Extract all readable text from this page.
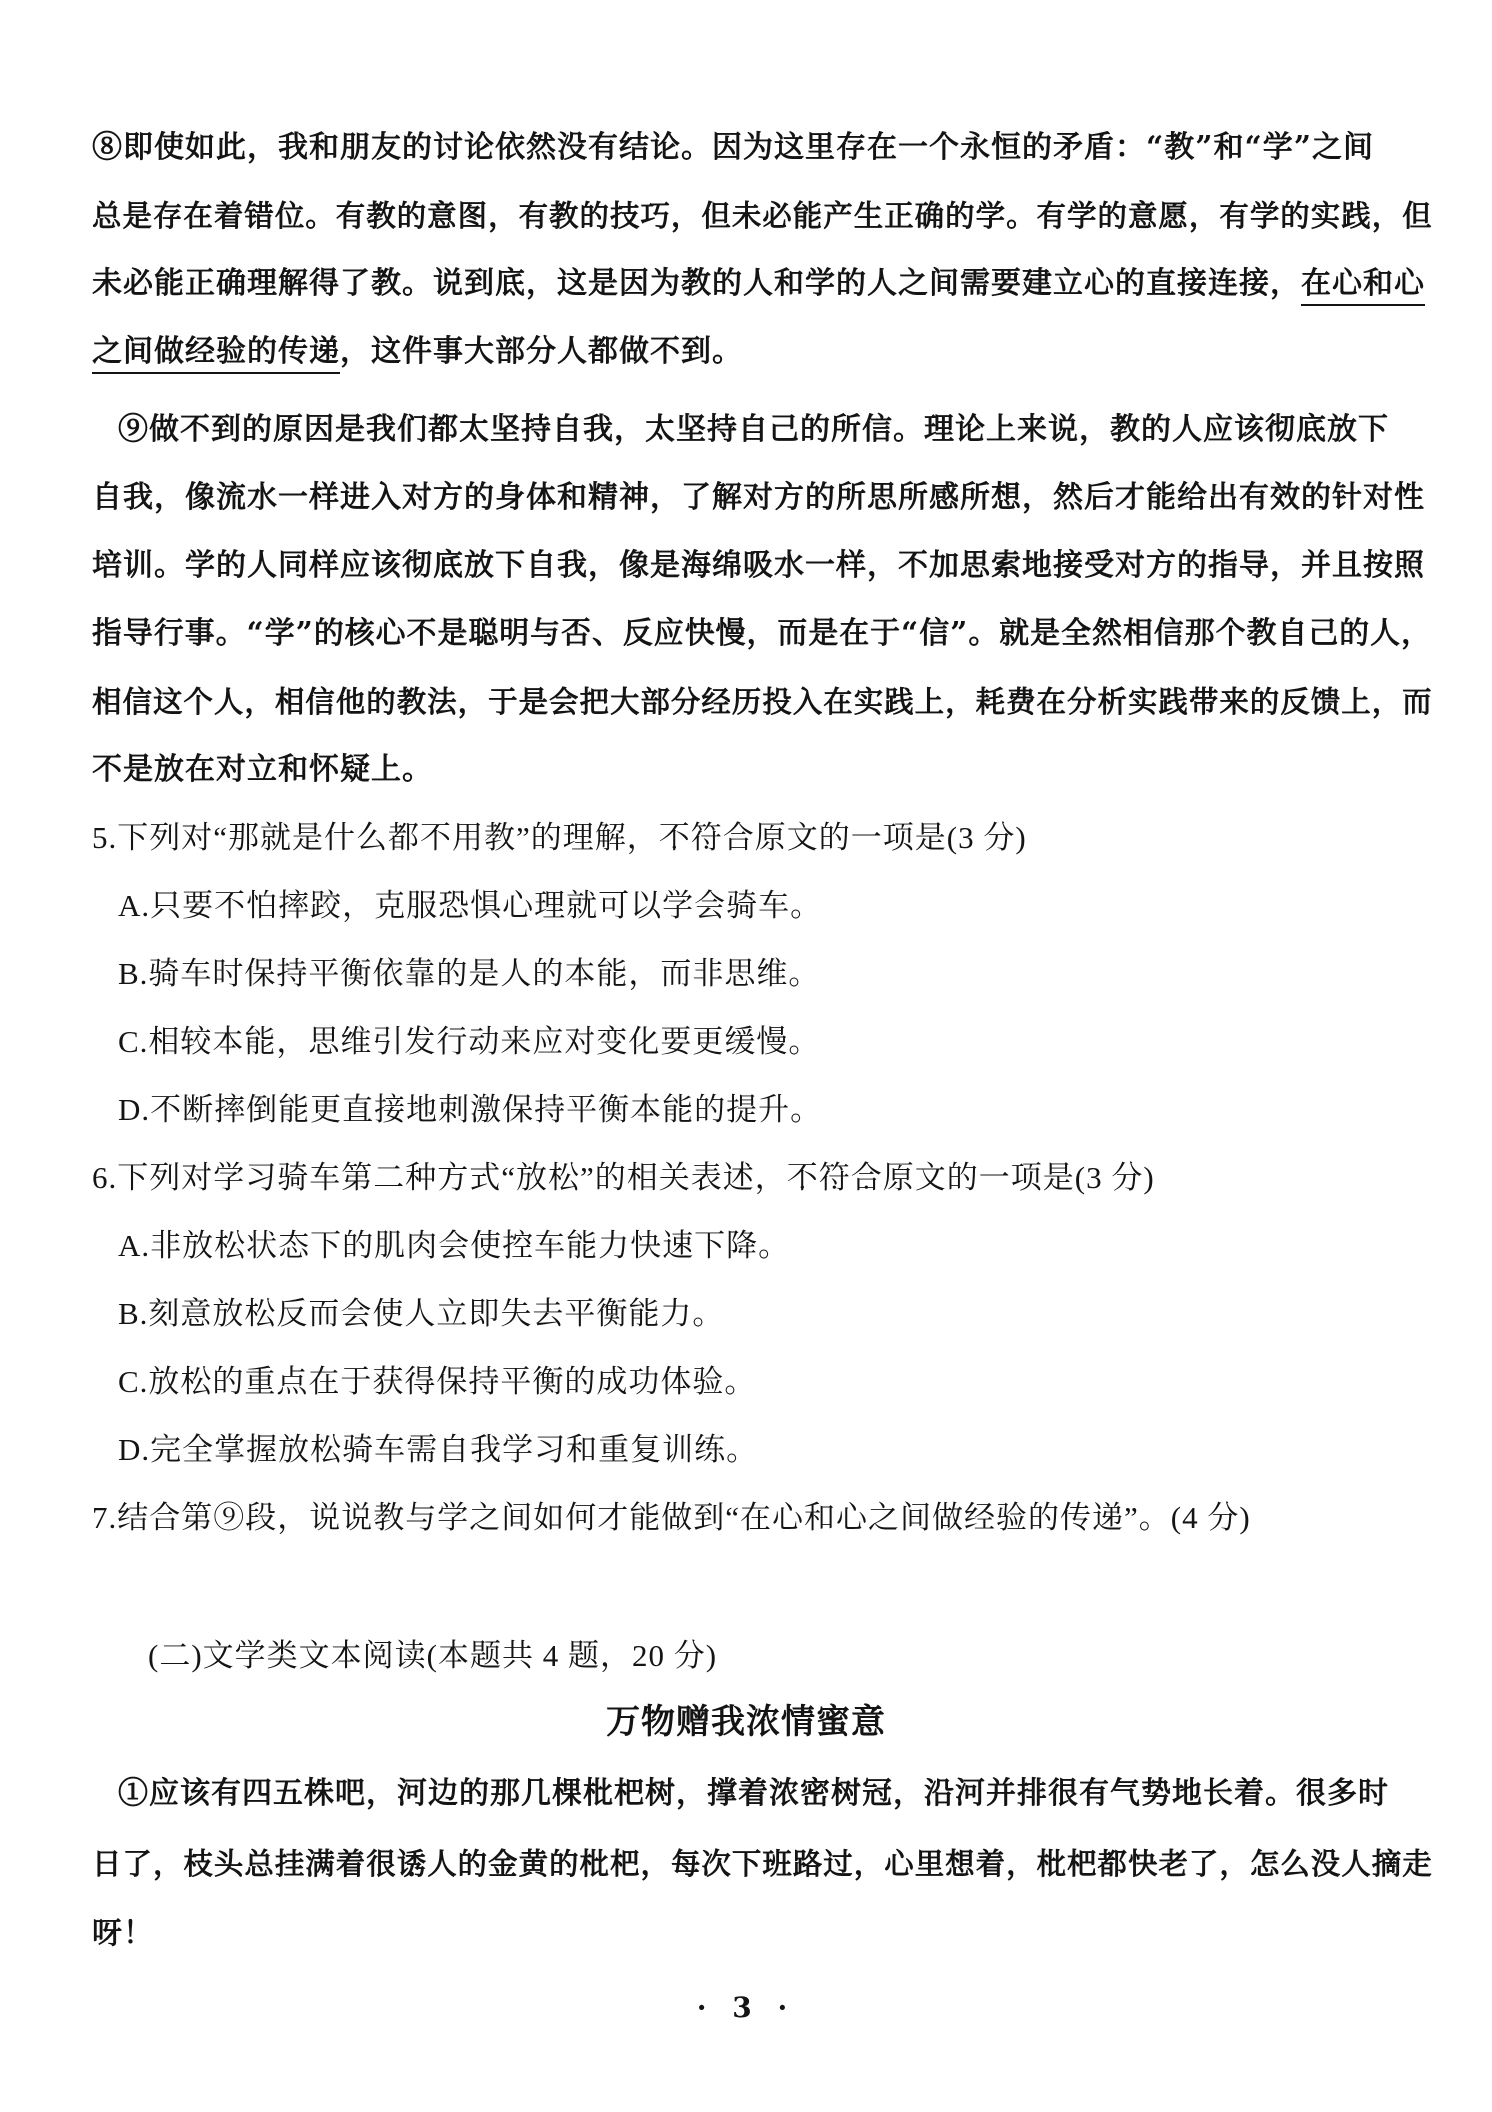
⑧即使如此，我和朋友的讨论依然没有结论。因为这里存在一个永恒的矛盾：“教”和“学”之间
总是存在着错位。有教的意图，有教的技巧，但未必能产生正确的学。有学的意愿，有学的实践，但
未必能正确理解得了教。说到底，这是因为教的人和学的人之间需要建立心的直接连接，在心和心
之间做经验的传递，这件事大部分人都做不到。
⑨做不到的原因是我们都太坚持自我，太坚持自己的所信。理论上来说，教的人应该彻底放下
自我，像流水一样进入对方的身体和精神，了解对方的所思所感所想，然后才能给出有效的针对性
培训。学的人同样应该彻底放下自我，像是海绵吸水一样，不加思索地接受对方的指导，并且按照
指导行事。“学”的核心不是聪明与否、反应快慢，而是在于“信”。就是全然相信那个教自己的人，
相信这个人，相信他的教法，于是会把大部分经历投入在实践上，耗费在分析实践带来的反馈上，而
不是放在对立和怀疑上。
5.下列对“那就是什么都不用教”的理解，不符合原文的一项是(3 分)
A.只要不怕摔跤，克服恐惧心理就可以学会骑车。
B.骑车时保持平衡依靠的是人的本能，而非思维。
C.相较本能，思维引发行动来应对变化要更缓慢。
D.不断摔倒能更直接地刺激保持平衡本能的提升。
6.下列对学习骑车第二种方式“放松”的相关表述，不符合原文的一项是(3 分)
A.非放松状态下的肌肉会使控车能力快速下降。
B.刻意放松反而会使人立即失去平衡能力。
C.放松的重点在于获得保持平衡的成功体验。
D.完全掌握放松骑车需自我学习和重复训练。
7.结合第⑨段，说说教与学之间如何才能做到“在心和心之间做经验的传递”。(4 分)
(二)文学类文本阅读(本题共 4 题，20 分)
万物赠我浓情蜜意
①应该有四五株吧，河边的那几棵枇杷树，撑着浓密树冠，沿河并排很有气势地长着。很多时
日了，枝头总挂满着很诱人的金黄的枇杷，每次下班路过，心里想着，枇杷都快老了，怎么没人摘走
呀！
· 3 ·
